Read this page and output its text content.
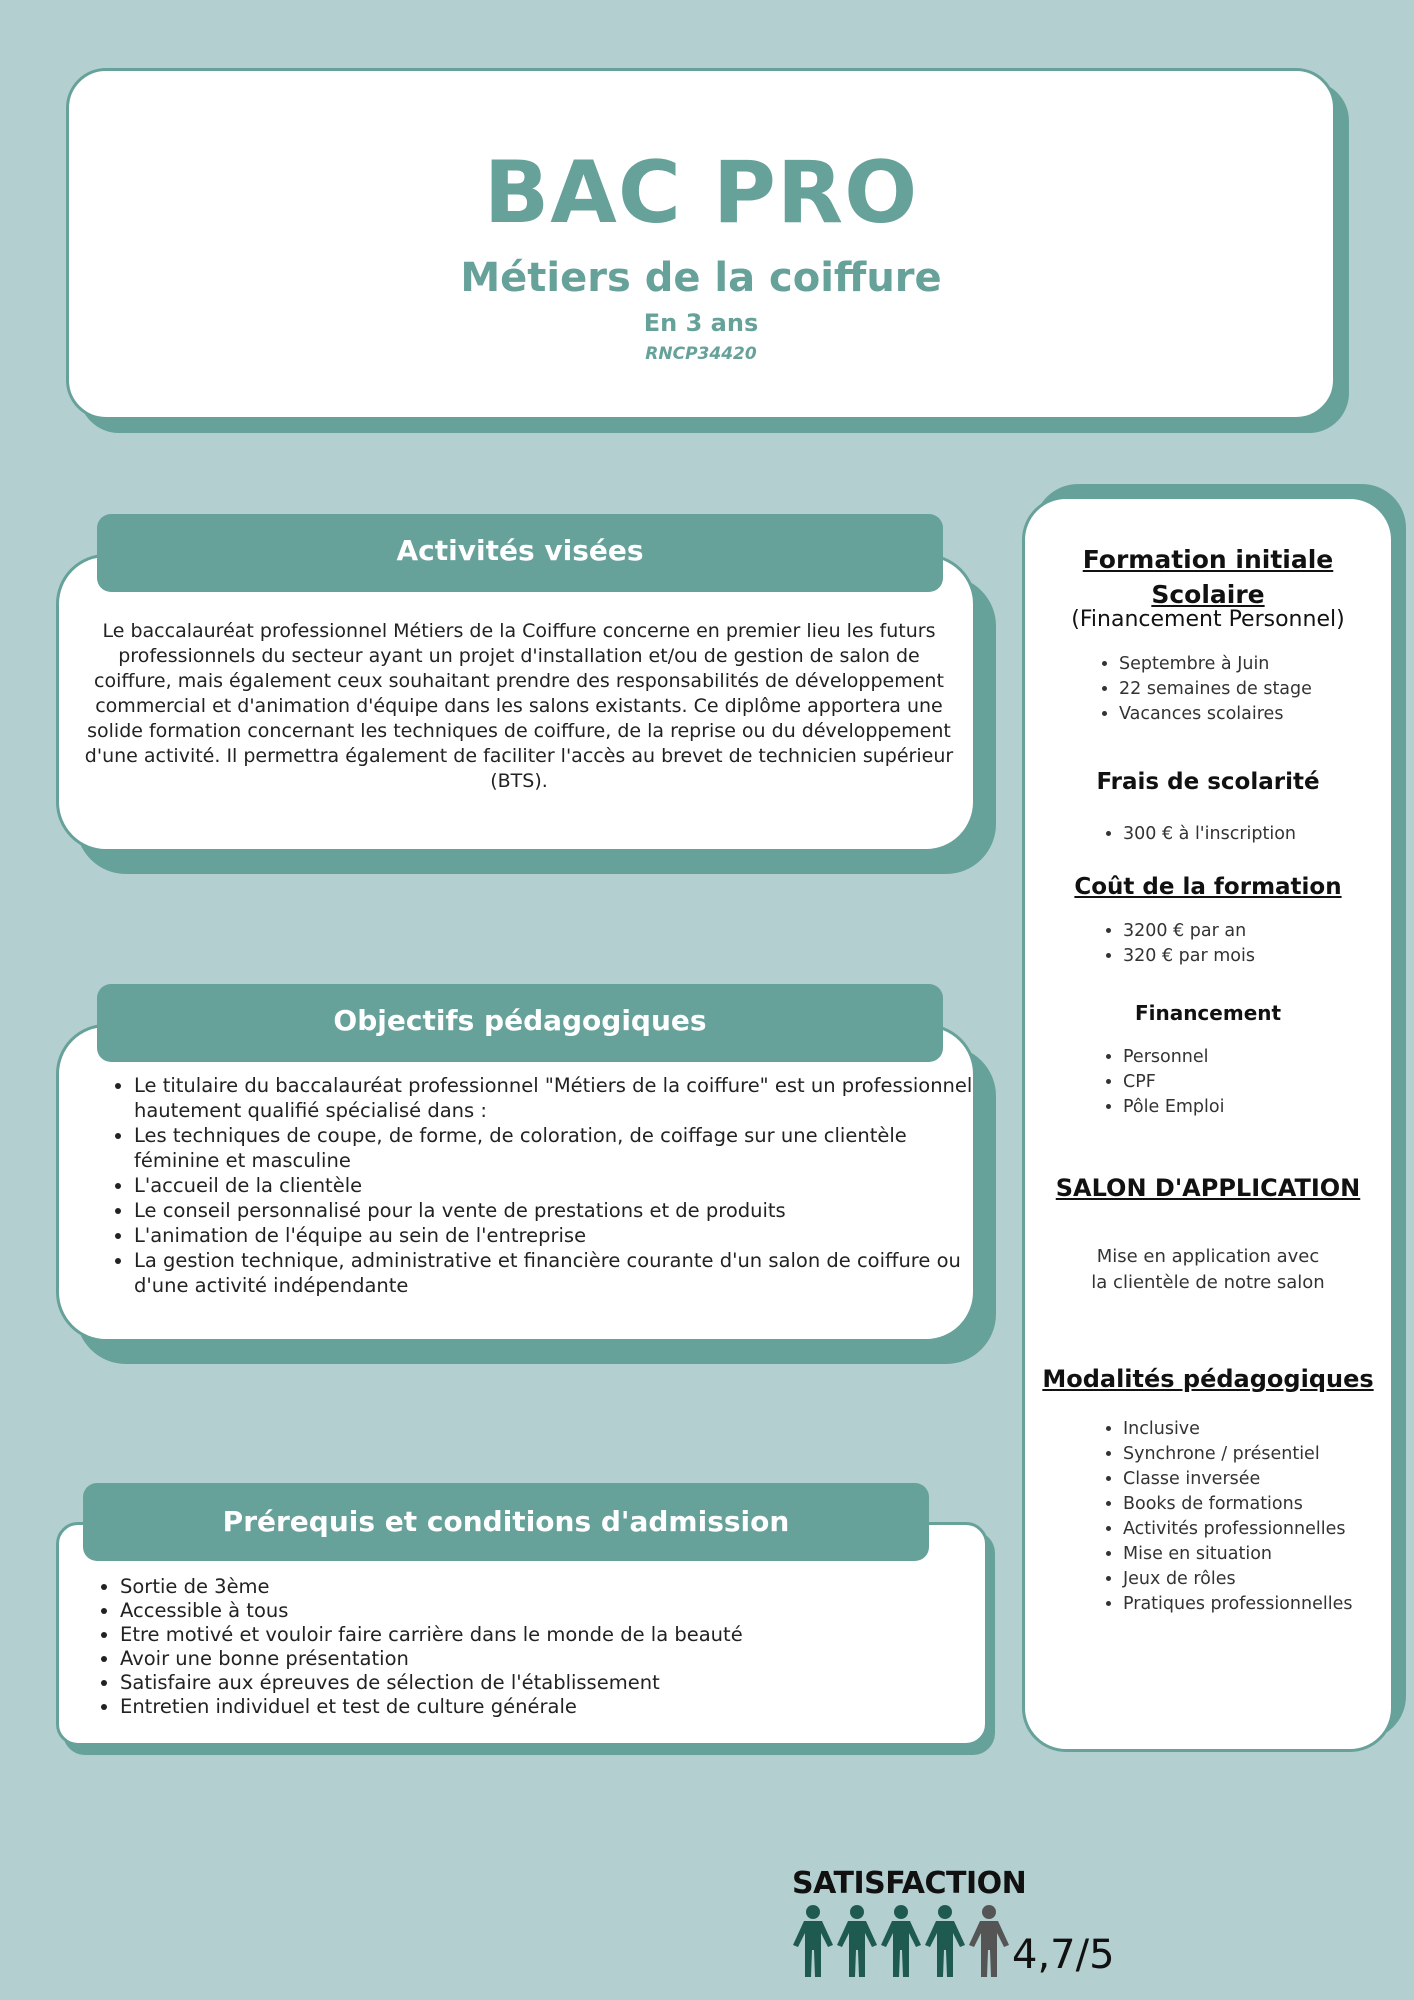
BAC PRO
Métiers de la coiffure
En 3 ans
RNCP34420
Activités visées
Le baccalauréat professionnel Métiers de la Coiffure concerne en premier lieu les futurs professionnels du secteur ayant un projet d'installation et/ou de gestion de salon de coiffure, mais également ceux souhaitant prendre des responsabilités de développement commercial et d'animation d'équipe dans les salons existants. Ce diplôme apportera une solide formation concernant les techniques de coiffure, de la reprise ou du développement d'une activité. Il permettra également de faciliter l'accès au brevet de technicien supérieur (BTS).
Objectifs pédagogiques
• Le titulaire du baccalauréat professionnel "Métiers de la coiffure" est un professionnel hautement qualifié spécialisé dans :
• Les techniques de coupe, de forme, de coloration, de coiffage sur une clientèle féminine et masculine
• L'accueil de la clientèle
• Le conseil personnalisé pour la vente de prestations et de produits
• L'animation de l'équipe au sein de l'entreprise
• La gestion technique, administrative et financière courante d'un salon de coiffure ou d'une activité indépendante
Prérequis et conditions d'admission
• Sortie de 3ème
• Accessible à tous
• Etre motivé et vouloir faire carrière dans le monde de la beauté
• Avoir une bonne présentation
• Satisfaire aux épreuves de sélection de l'établissement
• Entretien individuel et test de culture générale
Formation initiale
Scolaire
(Financement Personnel)
• Septembre à Juin
• 22 semaines de stage
• Vacances scolaires
Frais de scolarité
• 300 € à l'inscription
Coût de la formation
• 3200 € par an
• 320 € par mois
Financement
• Personnel
• CPF
• Pôle Emploi
SALON D'APPLICATION
Mise en application avec
la clientèle de notre salon
Modalités pédagogiques
• Inclusive
• Synchrone / présentiel
• Classe inversée
• Books de formations
• Activités professionnelles
• Mise en situation
• Jeux de rôles
• Pratiques professionnelles
SATISFACTION
4,7/5
